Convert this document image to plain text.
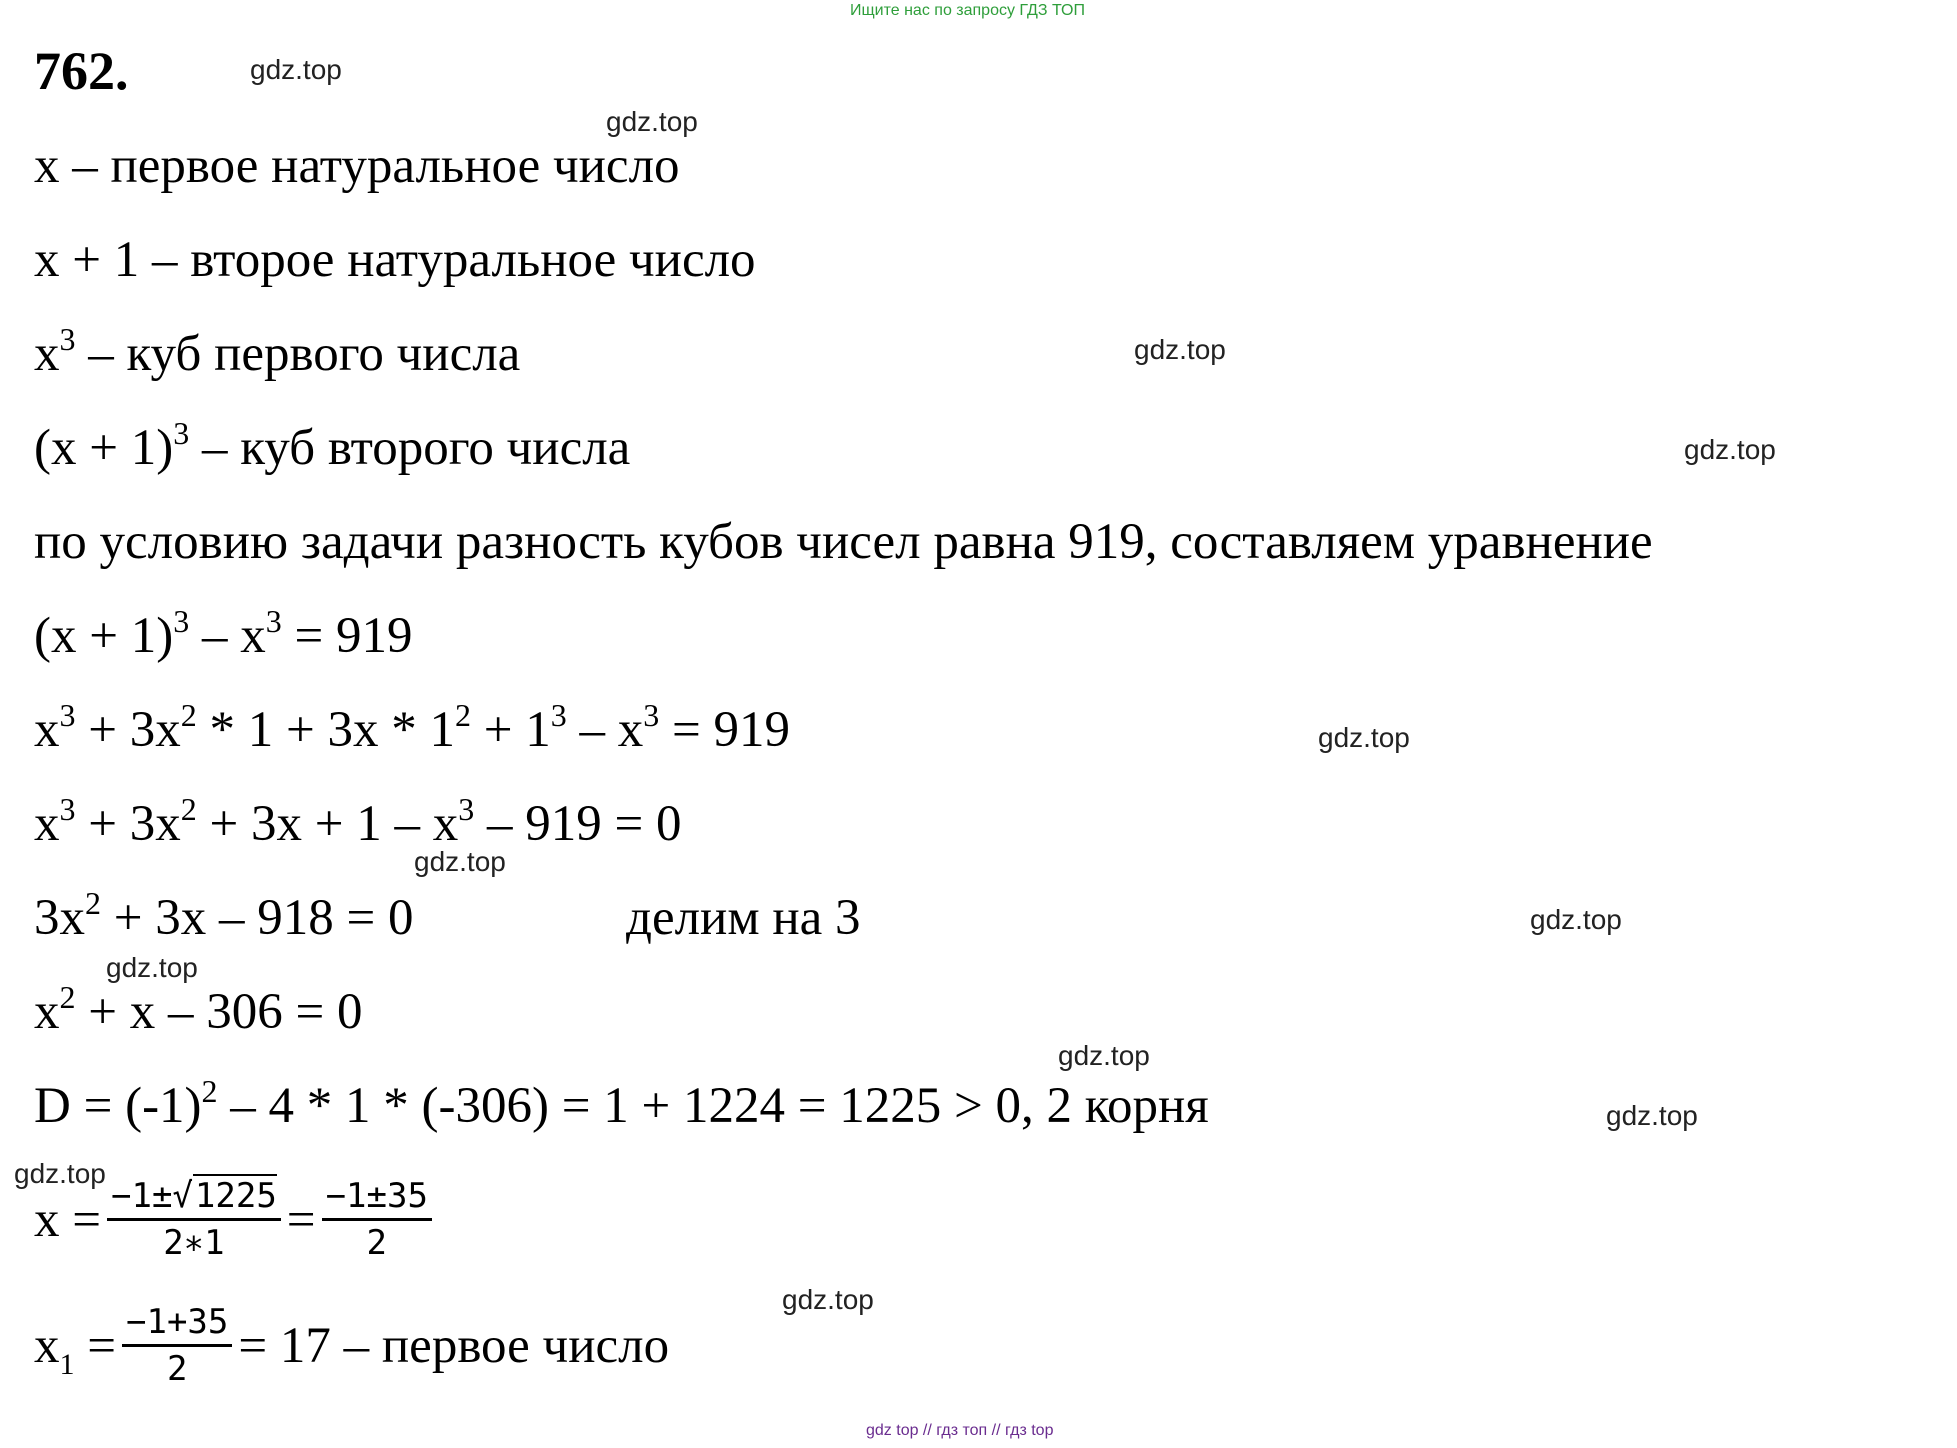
Ищите нас по запросу ГДЗ ТОП
762.	gdz.top
gdz.top
gdz.top
gdz.top
gdz.top
gdz.top
gdz.top
gdz.top
gdz.top
gdz.top
gdz.top
gdz.top
x – первое натуральное число
x + 1 – второе натуральное число
$x^3$ – куб первого числа
$(x + 1)^3$ – куб второго числа
по условию задачи разность кубов чисел равна 919, составляем уравнение
$(x + 1)^3 - x^3 = 919$
$x^3 + 3x^2 * 1 + 3x * 1^2 + 1^3 - x^3 = 919$
$x^3 + 3x^2 + 3x + 1 - x^3 - 919 = 0$
$3x^2 + 3x - 918 = 0$	делим на 3
$x^2 + x - 306 = 0$
$D = (-1)^2 - 4 * 1 * (-306) = 1 + 1224 = 1225 > 0$, 2 корня
$x = \frac{-1\pm√1225}{2∗1} = \frac{-1\pm 35}{2}$
$x_1 = \frac{-1+35}{2} = 17$ – первое число
gdz top // гдз топ // гдз top
